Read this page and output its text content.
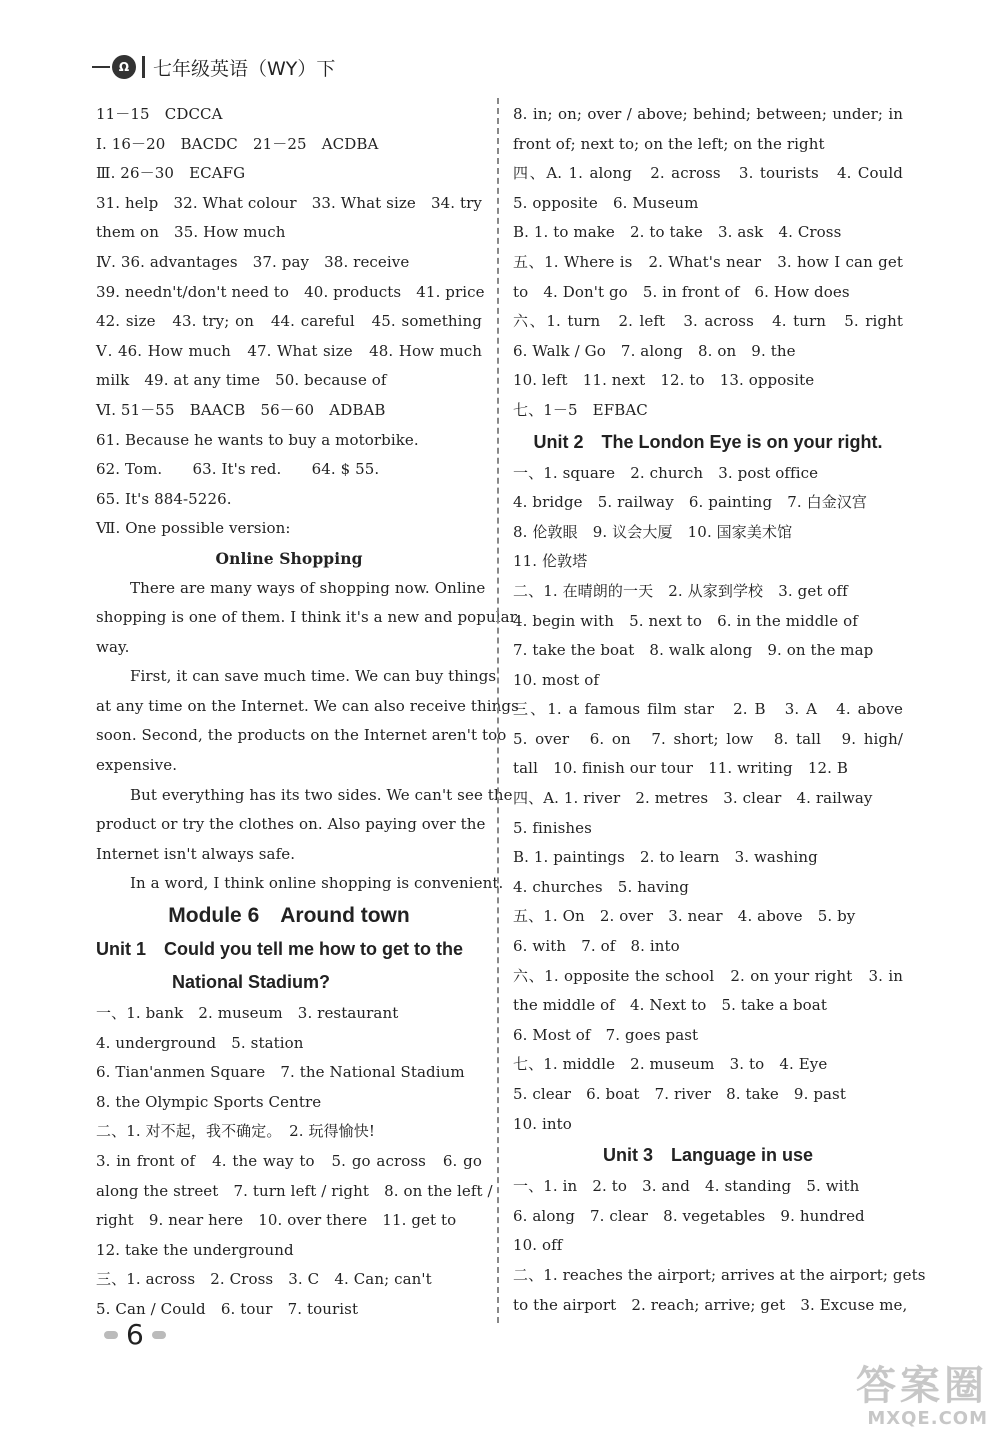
Ω	七年级英语（WY）下
11－15　CDCCA
Ⅰ. 16－20　BACDC　21－25　ACDBA
Ⅲ. 26－30　ECAFG
31. help　32. What colour　33. What size　34. try
them on　35. How much
Ⅳ. 36. advantages　37. pay　38. receive
39. needn't/don't need to　40. products　41. price
42. size　43. try; on　44. careful　45. something
Ⅴ. 46. How much　47. What size　48. How much
milk　49. at any time　50. because of
Ⅵ. 51－55　BAACB　56－60　ADBAB
61. Because he wants to buy a motorbike.
62. Tom.　　63. It's red.　　64. $ 55.
65. It's 884-5226.
Ⅶ. One possible version:
Online Shopping
There are many ways of shopping now. Online
shopping is one of them. I think it's a new and popular
way.
First, it can save much time. We can buy things
at any time on the Internet. We can also receive things
soon. Second, the products on the Internet aren't too
expensive.
But everything has its two sides. We can't see the
product or try the clothes on. Also paying over the
Internet isn't always safe.
In a word, I think online shopping is convenient.
Module 6　Around town
Unit 1　 Could you tell me how to get to the
National Stadium?
一、1. bank　2. museum　3. restaurant
4. underground　5. station
6. Tian'anmen Square　7. the National Stadium
8. the Olympic Sports Centre
二、1. 对不起，我不确定。　2. 玩得愉快!
3. in front of　4. the way to　5. go across　6. go
along the street　7. turn left / right　8. on the left /
right　9. near here　10. over there　11. get to
12. take the underground
三、1. across　2. Cross　3. C　4. Can; can't
5. Can / Could　6. tour　7. tourist
8. in; on; over / above; behind; between; under; in
front of; next to; on the left; on the right
四、A. 1. along　2. across　3. tourists　4. Could
5. opposite　6. Museum
B. 1. to make　2. to take　3. ask　4. Cross
五、1. Where is　2. What's near　3. how I can get
to　4. Don't go　5. in front of　6. How does
六、1. turn　2. left　3. across　4. turn　5. right
6. Walk / Go　7. along　8. on　9. the
10. left　11. next　12. to　13. opposite
七、1－5　EFBAC
Unit 2　The London Eye is on your right.
一、1. square　2. church　3. post office
4. bridge　5. railway　6. painting　7. 白金汉宫
8. 伦敦眼　9. 议会大厦　10. 国家美术馆
11. 伦敦塔
二、1. 在晴朗的一天　2. 从家到学校　3. get off
4. begin with　5. next to　6. in the middle of
7. take the boat　8. walk along　9. on the map
10. most of
三、1. a famous film star　2. B　3. A　4. above
5. over　6. on　7. short; low　8. tall　9. high/
tall　10. finish our tour　11. writing　12. B
四、A. 1. river　2. metres　3. clear　4. railway
5. finishes
B. 1. paintings　2. to learn　3. washing
4. churches　5. having
五、1. On　2. over　3. near　4. above　5. by
6. with　7. of　8. into
六、1. opposite the school　2. on your right　3. in
the middle of　4. Next to　5. take a boat
6. Most of　7. goes past
七、1. middle　2. museum　3. to　4. Eye
5. clear　6. boat　7. river　8. take　9. past
10. into
Unit 3　Language in use
一、1. in　2. to　3. and　4. standing　5. with
6. along　7. clear　8. vegetables　9. hundred
10. off
二、1. reaches the airport; arrives at the airport; gets
to the airport　2. reach; arrive; get　3. Excuse me,
6
答案圈
MXQE.COM
